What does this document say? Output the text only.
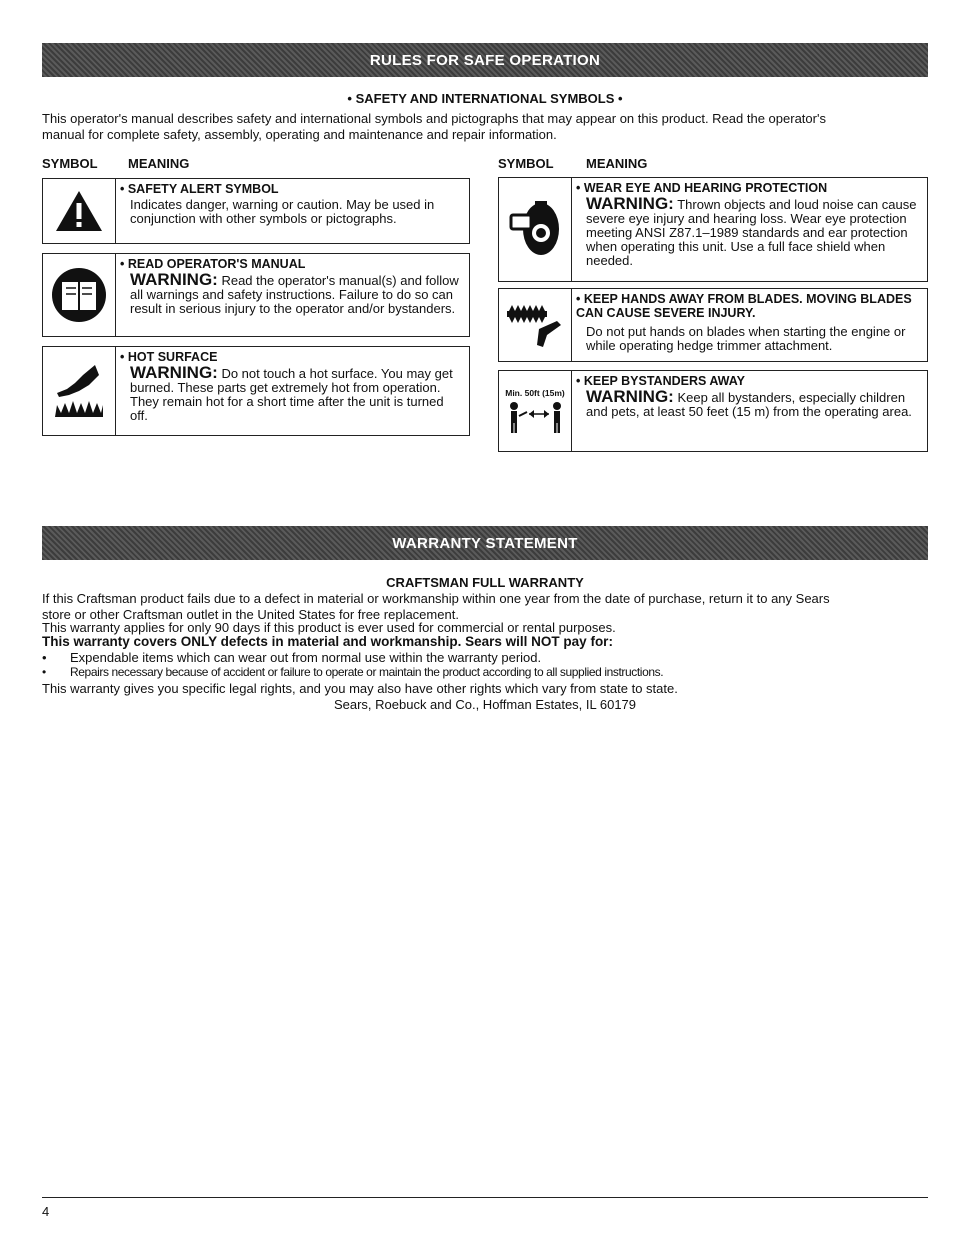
RULES FOR SAFE OPERATION
• SAFETY AND INTERNATIONAL SYMBOLS •
This operator's manual describes safety and international symbols and pictographs that may appear on this product. Read the operator's
manual for complete safety, assembly, operating and maintenance and repair information.
SYMBOL MEANING	SYMBOL MEANING
• SAFETY ALERT SYMBOL
Indicates danger, warning or caution. May be used in conjunction with other symbols or pictographs.
• READ OPERATOR'S MANUAL
WARNING: Read the operator's manual(s) and follow all warnings and safety instructions. Failure to do so can result in serious injury to the operator and/or bystanders.
• HOT SURFACE
WARNING: Do not touch a hot surface. You may get burned. These parts get extremely hot from operation. They remain hot for a short time after the unit is turned off.
• WEAR EYE AND HEARING PROTECTION
WARNING: Thrown objects and loud noise can cause severe eye injury and hearing loss. Wear eye protection meeting ANSI Z87.1–1989 standards and ear protection when operating this unit. Use a full face shield when needed.
• KEEP HANDS AWAY FROM BLADES. MOVING BLADES CAN CAUSE SEVERE INJURY.
Do not put hands on blades when starting the engine or while operating hedge trimmer attachment.
Min. 50ft (15m)
• KEEP BYSTANDERS AWAY
WARNING: Keep all bystanders, especially children and pets, at least 50 feet (15 m) from the operating area.
WARRANTY STATEMENT
CRAFTSMAN FULL WARRANTY
If this Craftsman product fails due to a defect in material or workmanship within one year from the date of purchase, return it to any Sears
store or other Craftsman outlet in the United States for free replacement.
This warranty applies for only 90 days if this product is ever used for commercial or rental purposes.
This warranty covers ONLY defects in material and workmanship. Sears will NOT pay for:
• Expendable items which can wear out from normal use within the warranty period.
• Repairs necessary because of accident or failure to operate or maintain the product according to all supplied instructions.
This warranty gives you specific legal rights, and you may also have other rights which vary from state to state.
Sears, Roebuck and Co., Hoffman Estates, IL 60179
4
